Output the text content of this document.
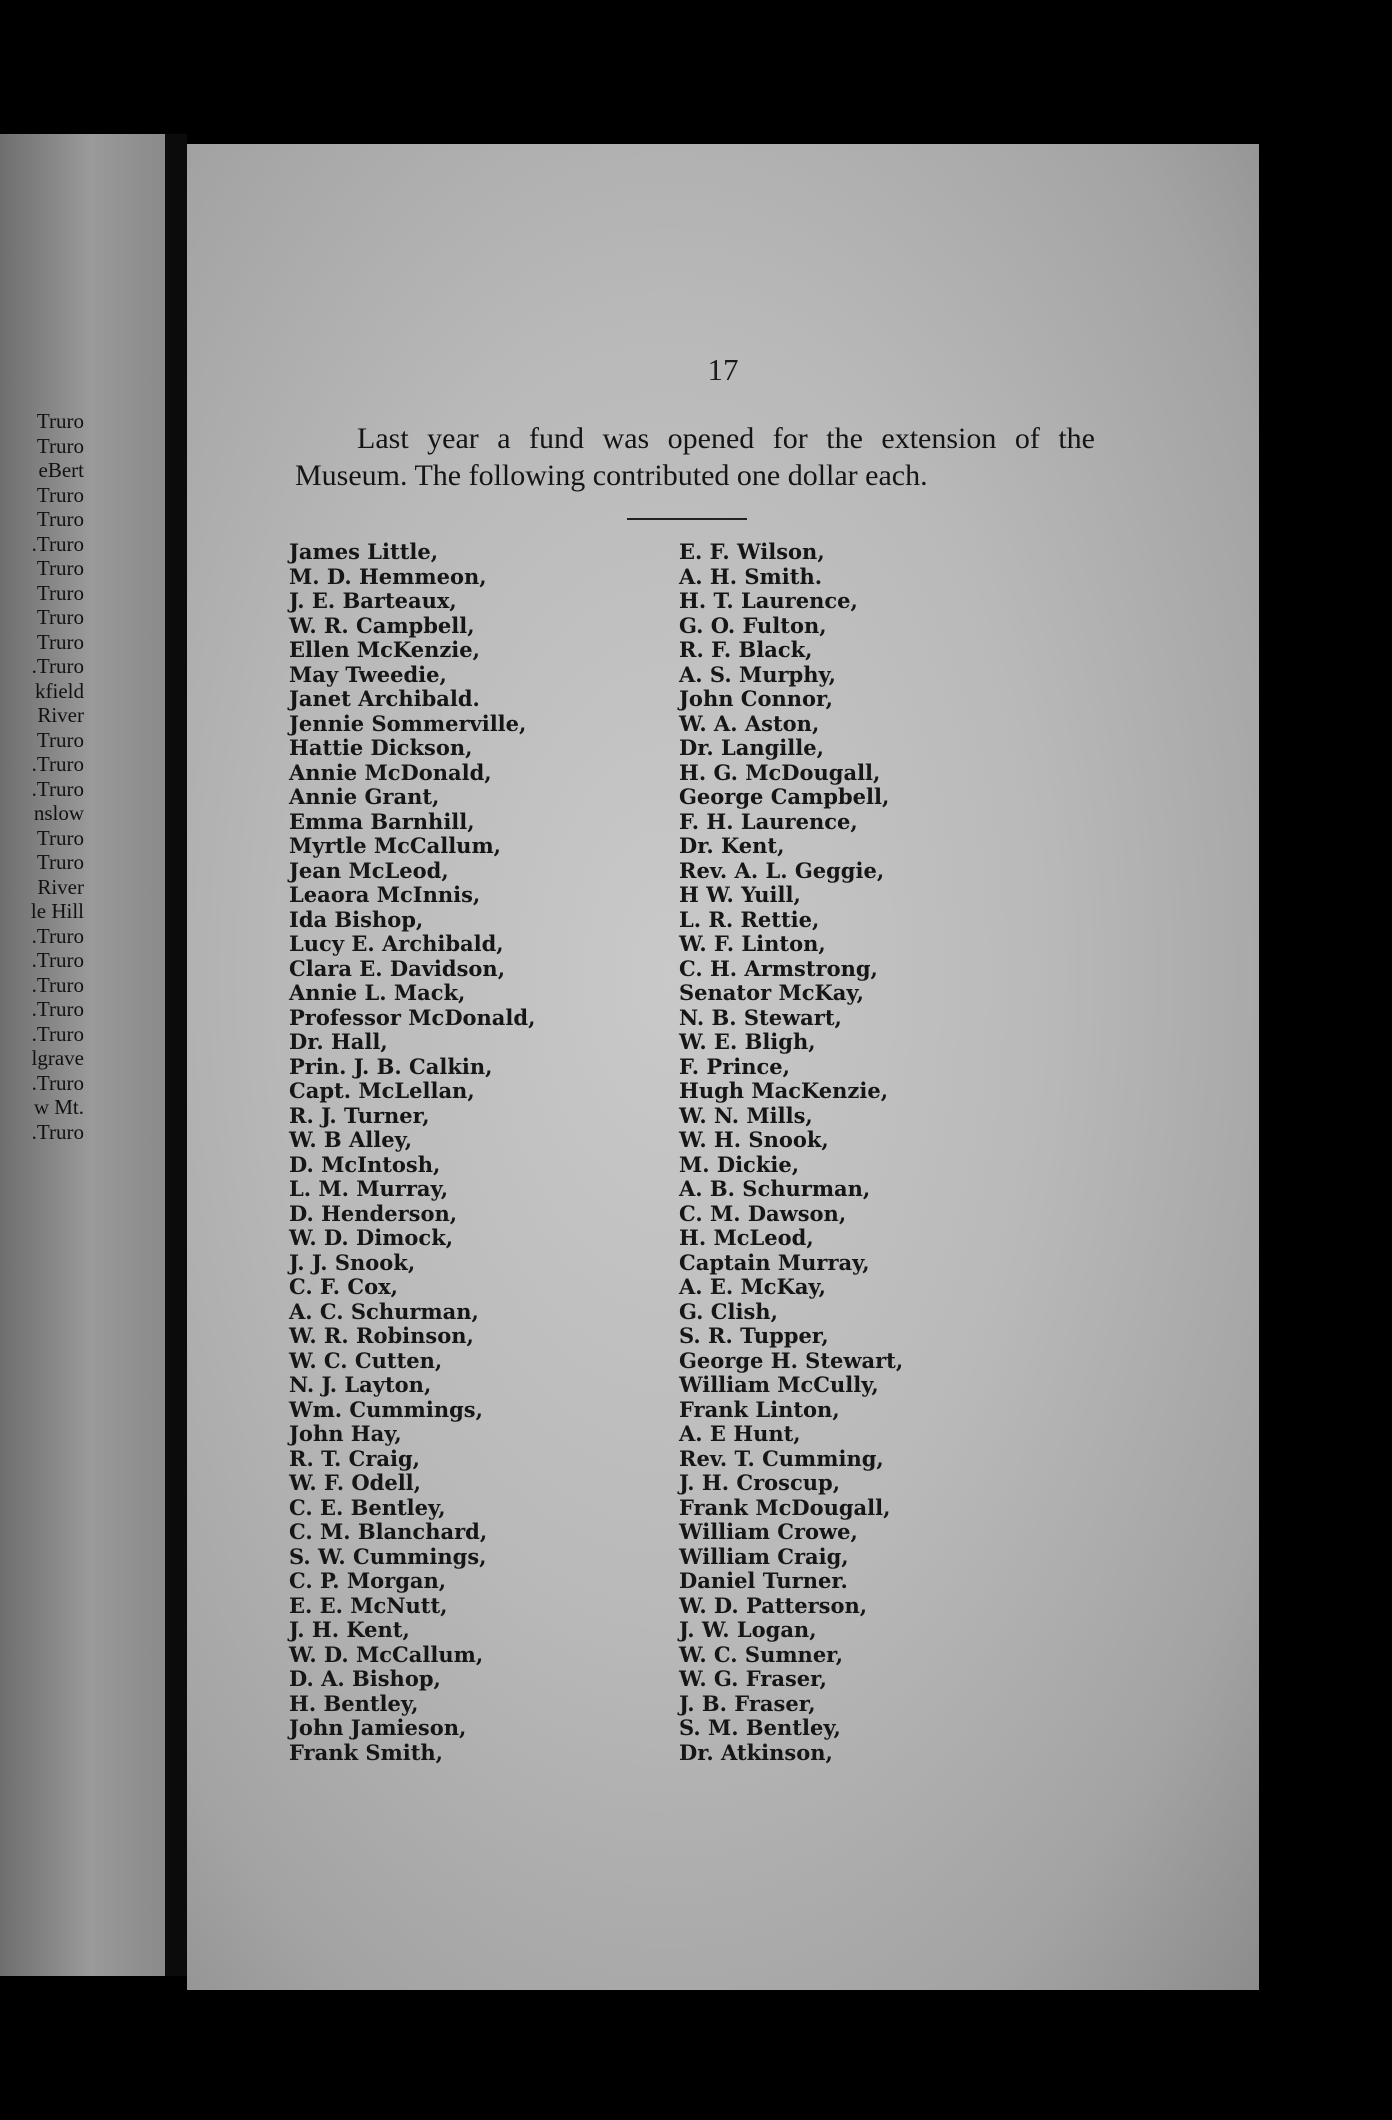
Truro
Truro
eBert
Truro
Truro
.Truro
Truro
Truro
Truro
Truro
.Truro
kfield
River
Truro
.Truro
.Truro
nslow
Truro
Truro
River
le Hill
.Truro
.Truro
.Truro
.Truro
.Truro
lgrave
.Truro
w Mt.
.Truro
17
Last year a fund was opened for the extension of the Museum. The following contributed one dollar each.
James Little,
M. D. Hemmeon,
J. E. Barteaux,
W. R. Campbell,
Ellen McKenzie,
May Tweedie,
Janet Archibald.
Jennie Sommerville,
Hattie Dickson,
Annie McDonald,
Annie Grant,
Emma Barnhill,
Myrtle McCallum,
Jean McLeod,
Leaora McInnis,
Ida Bishop,
Lucy E. Archibald,
Clara E. Davidson,
Annie L. Mack,
Professor McDonald,
Dr. Hall,
Prin. J. B. Calkin,
Capt. McLellan,
R. J. Turner,
W. B Alley,
D. McIntosh,
L. M. Murray,
D. Henderson,
W. D. Dimock,
J. J. Snook,
C. F. Cox,
A. C. Schurman,
W. R. Robinson,
W. C. Cutten,
N. J. Layton,
Wm. Cummings,
John Hay,
R. T. Craig,
W. F. Odell,
C. E. Bentley,
C. M. Blanchard,
S. W. Cummings,
C. P. Morgan,
E. E. McNutt,
J. H. Kent,
W. D. McCallum,
D. A. Bishop,
H. Bentley,
John Jamieson,
Frank Smith,
E. F. Wilson,
A. H. Smith.
H. T. Laurence,
G. O. Fulton,
R. F. Black,
A. S. Murphy,
John Connor,
W. A. Aston,
Dr. Langille,
H. G. McDougall,
George Campbell,
F. H. Laurence,
Dr. Kent,
Rev. A. L. Geggie,
H W. Yuill,
L. R. Rettie,
W. F. Linton,
C. H. Armstrong,
Senator McKay,
N. B. Stewart,
W. E. Bligh,
F. Prince,
Hugh MacKenzie,
W. N. Mills,
W. H. Snook,
M. Dickie,
A. B. Schurman,
C. M. Dawson,
H. McLeod,
Captain Murray,
A. E. McKay,
G. Clish,
S. R. Tupper,
George H. Stewart,
William McCully,
Frank Linton,
A. E Hunt,
Rev. T. Cumming,
J. H. Croscup,
Frank McDougall,
William Crowe,
William Craig,
Daniel Turner.
W. D. Patterson,
J. W. Logan,
W. C. Sumner,
W. G. Fraser,
J. B. Fraser,
S. M. Bentley,
Dr. Atkinson,
